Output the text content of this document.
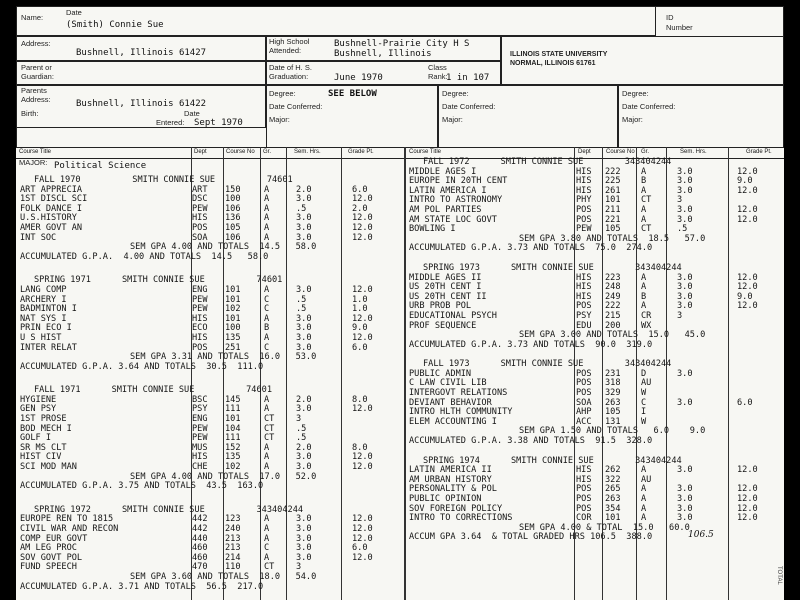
Name:
Date
(Smith) Connie Sue
ID
Number
Address:
Bushnell, Illinois 61427
High School
Attended:
Bushnell-Prairie City H S
Bushnell, Illinois	ILLINOIS STATE UNIVERSITY
NORMAL, ILLINOIS 61761
Parent or
Guardian:
Date of H. S.
Graduation:	June 1970
Class
Rank:
1 in 107
Parents
Address:	Bushnell, Illinois 61422
Birth:	Date
Entered: Sept 1970
Degree:	SEE BELOW
Date Conferred:
Major:
Degree:
Date Conferred:
Major:
Degree:
Date Conferred:
Major:
Course Title	Dept	Course No Gr.	Sem. Hrs.	Grade Pt.	Course Title	Dept	Course No Gr.	Sem. Hrs.	Grade Pt.
MAJOR: Political Science
FALL 1970          SMITH CONNIE SUE          74601
ART APPRECIA	ART 150	A	2.0	6.0
1ST DISCL SCI	DSC 100	A	3.0	12.0
FOLK DANCE I	PEW 106	A	.5	2.0
U.S.HISTORY	HIS 136	A	3.0	12.0
AMER GOVT AN	POS 105	A	3.0	12.0
INT SOC	SOA 106	A	3.0	12.0
SEM GPA 4.00 AND TOTALS  14.5   58.0
ACCUMULATED G.P.A.  4.00 AND TOTALS  14.5   58.0
SPRING 1971      SMITH CONNIE SUE          74601
LANG COMP	ENG 101	A	3.0	12.0
ARCHERY I	PEW 101	C	.5	1.0
BADMINTON I	PEW 102	C	.5	1.0
NAT SYS I	HIS 101	A	3.0	12.0
PRIN ECO I	ECO 100	B	3.0	9.0
U S HIST	HIS 135	A	3.0	12.0
INTER RELAT	POS 251	C	3.0	6.0
SEM GPA 3.31 AND TOTALS  16.0   53.0
ACCUMULATED G.P.A. 3.64 AND TOTALS  30.5  111.0
FALL 1971      SMITH CONNIE SUE          74601
HYGIENE	BSC 145	A	2.0	8.0
GEN PSY	PSY 111	A	3.0	12.0
1ST PROSE	ENG 101	CT	3
BOD MECH I	PEW 104	CT	.5
GOLF I	PEW 111	CT	.5
SR MS CLT	MUS 152	A	2.0	8.0
HIST CIV	HIS 135	A	3.0	12.0
SCI MOD MAN	CHE 102	A	3.0	12.0
SEM GPA 4.00 AND TOTALS  17.0   52.0
ACCUMULATED G.P.A. 3.75 AND TOTALS  43.5  163.0
SPRING 1972      SMITH CONNIE SUE          343404244
EUROPE REN TO 1815	442 123	A	3.0	12.0
CIVIL WAR AND RECON	442 240	A	3.0	12.0
COMP EUR GOVT	440 213	A	3.0	12.0
AM LEG PROC	460 213	C	3.0	6.0
SOV GOVT POL	460 214	A	3.0	12.0
FUND SPEECH	470 110	CT	3
SEM GPA 3.60 AND TOTALS  18.0   54.0
ACCUMULATED G.P.A. 3.71 AND TOTALS  56.5  217.0
FALL 1972      SMITH CONNIE SUE        343404244
MIDDLE AGES I	HIS 222 A	3.0	12.0
EUROPE IN 20TH CENT	HIS 225 B	3.0	9.0
LATIN AMERICA I	HIS 261 A	3.0	12.0
INTRO TO ASTRONOMY	PHY 101 CT	3
AM POL PARTIES	POS 211 A	3.0	12.0
AM STATE LOC GOVT	POS 221 A	3.0	12.0
BOWLING I	PEW 105 CT	.5
SEM GPA 3.80 AND TOTALS  18.5   57.0
ACCUMULATED G.P.A. 3.73 AND TOTALS  75.0  274.0
SPRING 1973      SMITH CONNIE SUE        343404244
MIDDLE AGES II	HIS 223 A	3.0	12.0
US 20TH CENT I	HIS 248 A	3.0	12.0
US 20TH CENT II	HIS 249 B	3.0	9.0
URB PROB POL	POS 222 A	3.0	12.0
EDUCATIONAL PSYCH	PSY 215 CR	3
PROF SEQUENCE	EDU 200 WX
SEM GPA 3.00 AND TOTALS  15.0   45.0
ACCUMULATED G.P.A. 3.73 AND TOTALS  90.0  319.0
FALL 1973      SMITH CONNIE SUE        343404244
PUBLIC ADMIN	POS 231 D	3.0
C LAW CIVIL LIB	POS 318 AU
INTERGOVT RELATIONS	POS 329 W
DEVIANT BEHAVIOR	SOA 263 C	3.0	6.0
INTRO HLTH COMMUNITY	AHP 105 I
ELEM ACCOUNTING I	ACC 131 W
SEM GPA 1.50 AND TOTALS   6.0    9.0
ACCUMULATED G.P.A. 3.38 AND TOTALS  91.5  328.0
SPRING 1974      SMITH CONNIE SUE        343404244
LATIN AMERICA II	HIS 262 A	3.0	12.0
AM URBAN HISTORY	HIS 322 AU
PERSONALITY & POL	POS 265 A	3.0	12.0
PUBLIC OPINION	POS 263 A	3.0	12.0
SOV FOREIGN POLICY	POS 354 A	3.0	12.0
INTRO TO CORRECTIONS	COR 101 A	3.0	12.0
SEM GPA 4.00 & TOTAL  15.0   60.0
ACCUM GPA 3.64  & TOTAL GRADED HRS 106.5  388.0	106.5
TOTAL
